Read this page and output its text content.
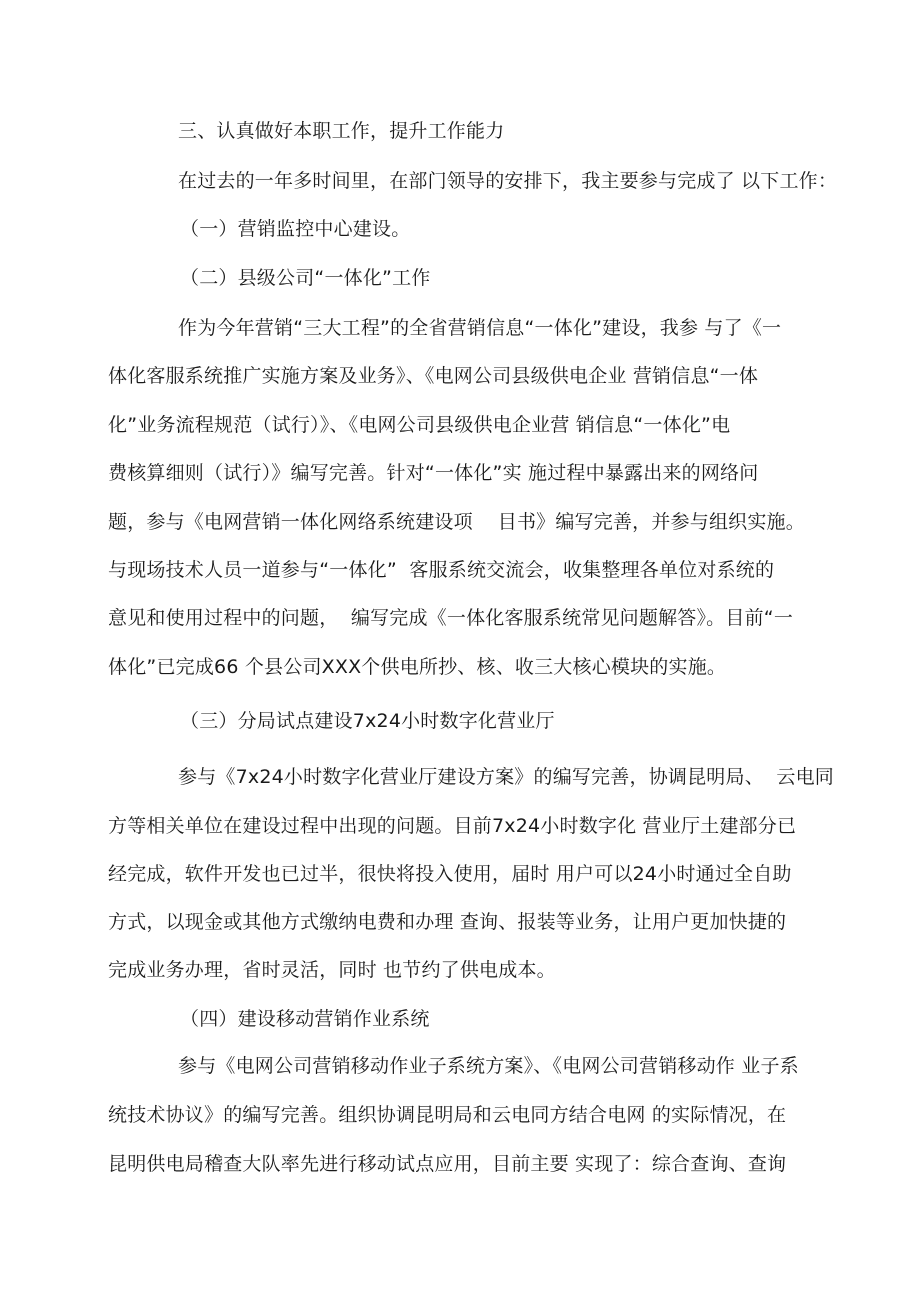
三、认真做好本职工作，提升工作能力
在过去的一年多时间里，在部门领导的安排下，我主要参与完成了 以下工作：
（一）营销监控中心建设。
（二）县级公司“一体化”工作
作为今年营销“三大工程”的全省营销信息“一体化”建设，我参 与了《一
体化客服系统推广实施方案及业务》、《电网公司县级供电企业 营销信息“一体
化”业务流程规范（试行）》、《电网公司县级供电企业营 销信息“一体化”电
费核算细则（试行）》编写完善。针对“一体化”实 施过程中暴露出来的网络问
题，参与《电网营销一体化网络系统建设项    目书》编写完善，并参与组织实施。
与现场技术人员一道参与“一体化”  客服系统交流会，收集整理各单位对系统的
意见和使用过程中的问题，  编写完成《一体化客服系统常见问题解答》。目前“一
体化”已完成66 个县公司XXX个供电所抄、核、收三大核心模块的实施。
（三）分局试点建设7x24小时数字化营业厅
参与《7x24小时数字化营业厅建设方案》的编写完善，协调昆明局、  云电同
方等相关单位在建设过程中出现的问题。目前7x24小时数字化 营业厅土建部分已
经完成，软件开发也已过半，很快将投入使用，届时 用户可以24小时通过全自助
方式，以现金或其他方式缴纳电费和办理 查询、报装等业务，让用户更加快捷的
完成业务办理，省时灵活，同时 也节约了供电成本。
（四）建设移动营销作业系统
参与《电网公司营销移动作业子系统方案》、《电网公司营销移动作 业子系
统技术协议》的编写完善。组织协调昆明局和云电同方结合电网 的实际情况，在
昆明供电局稽查大队率先进行移动试点应用，目前主要 实现了：综合查询、查询
